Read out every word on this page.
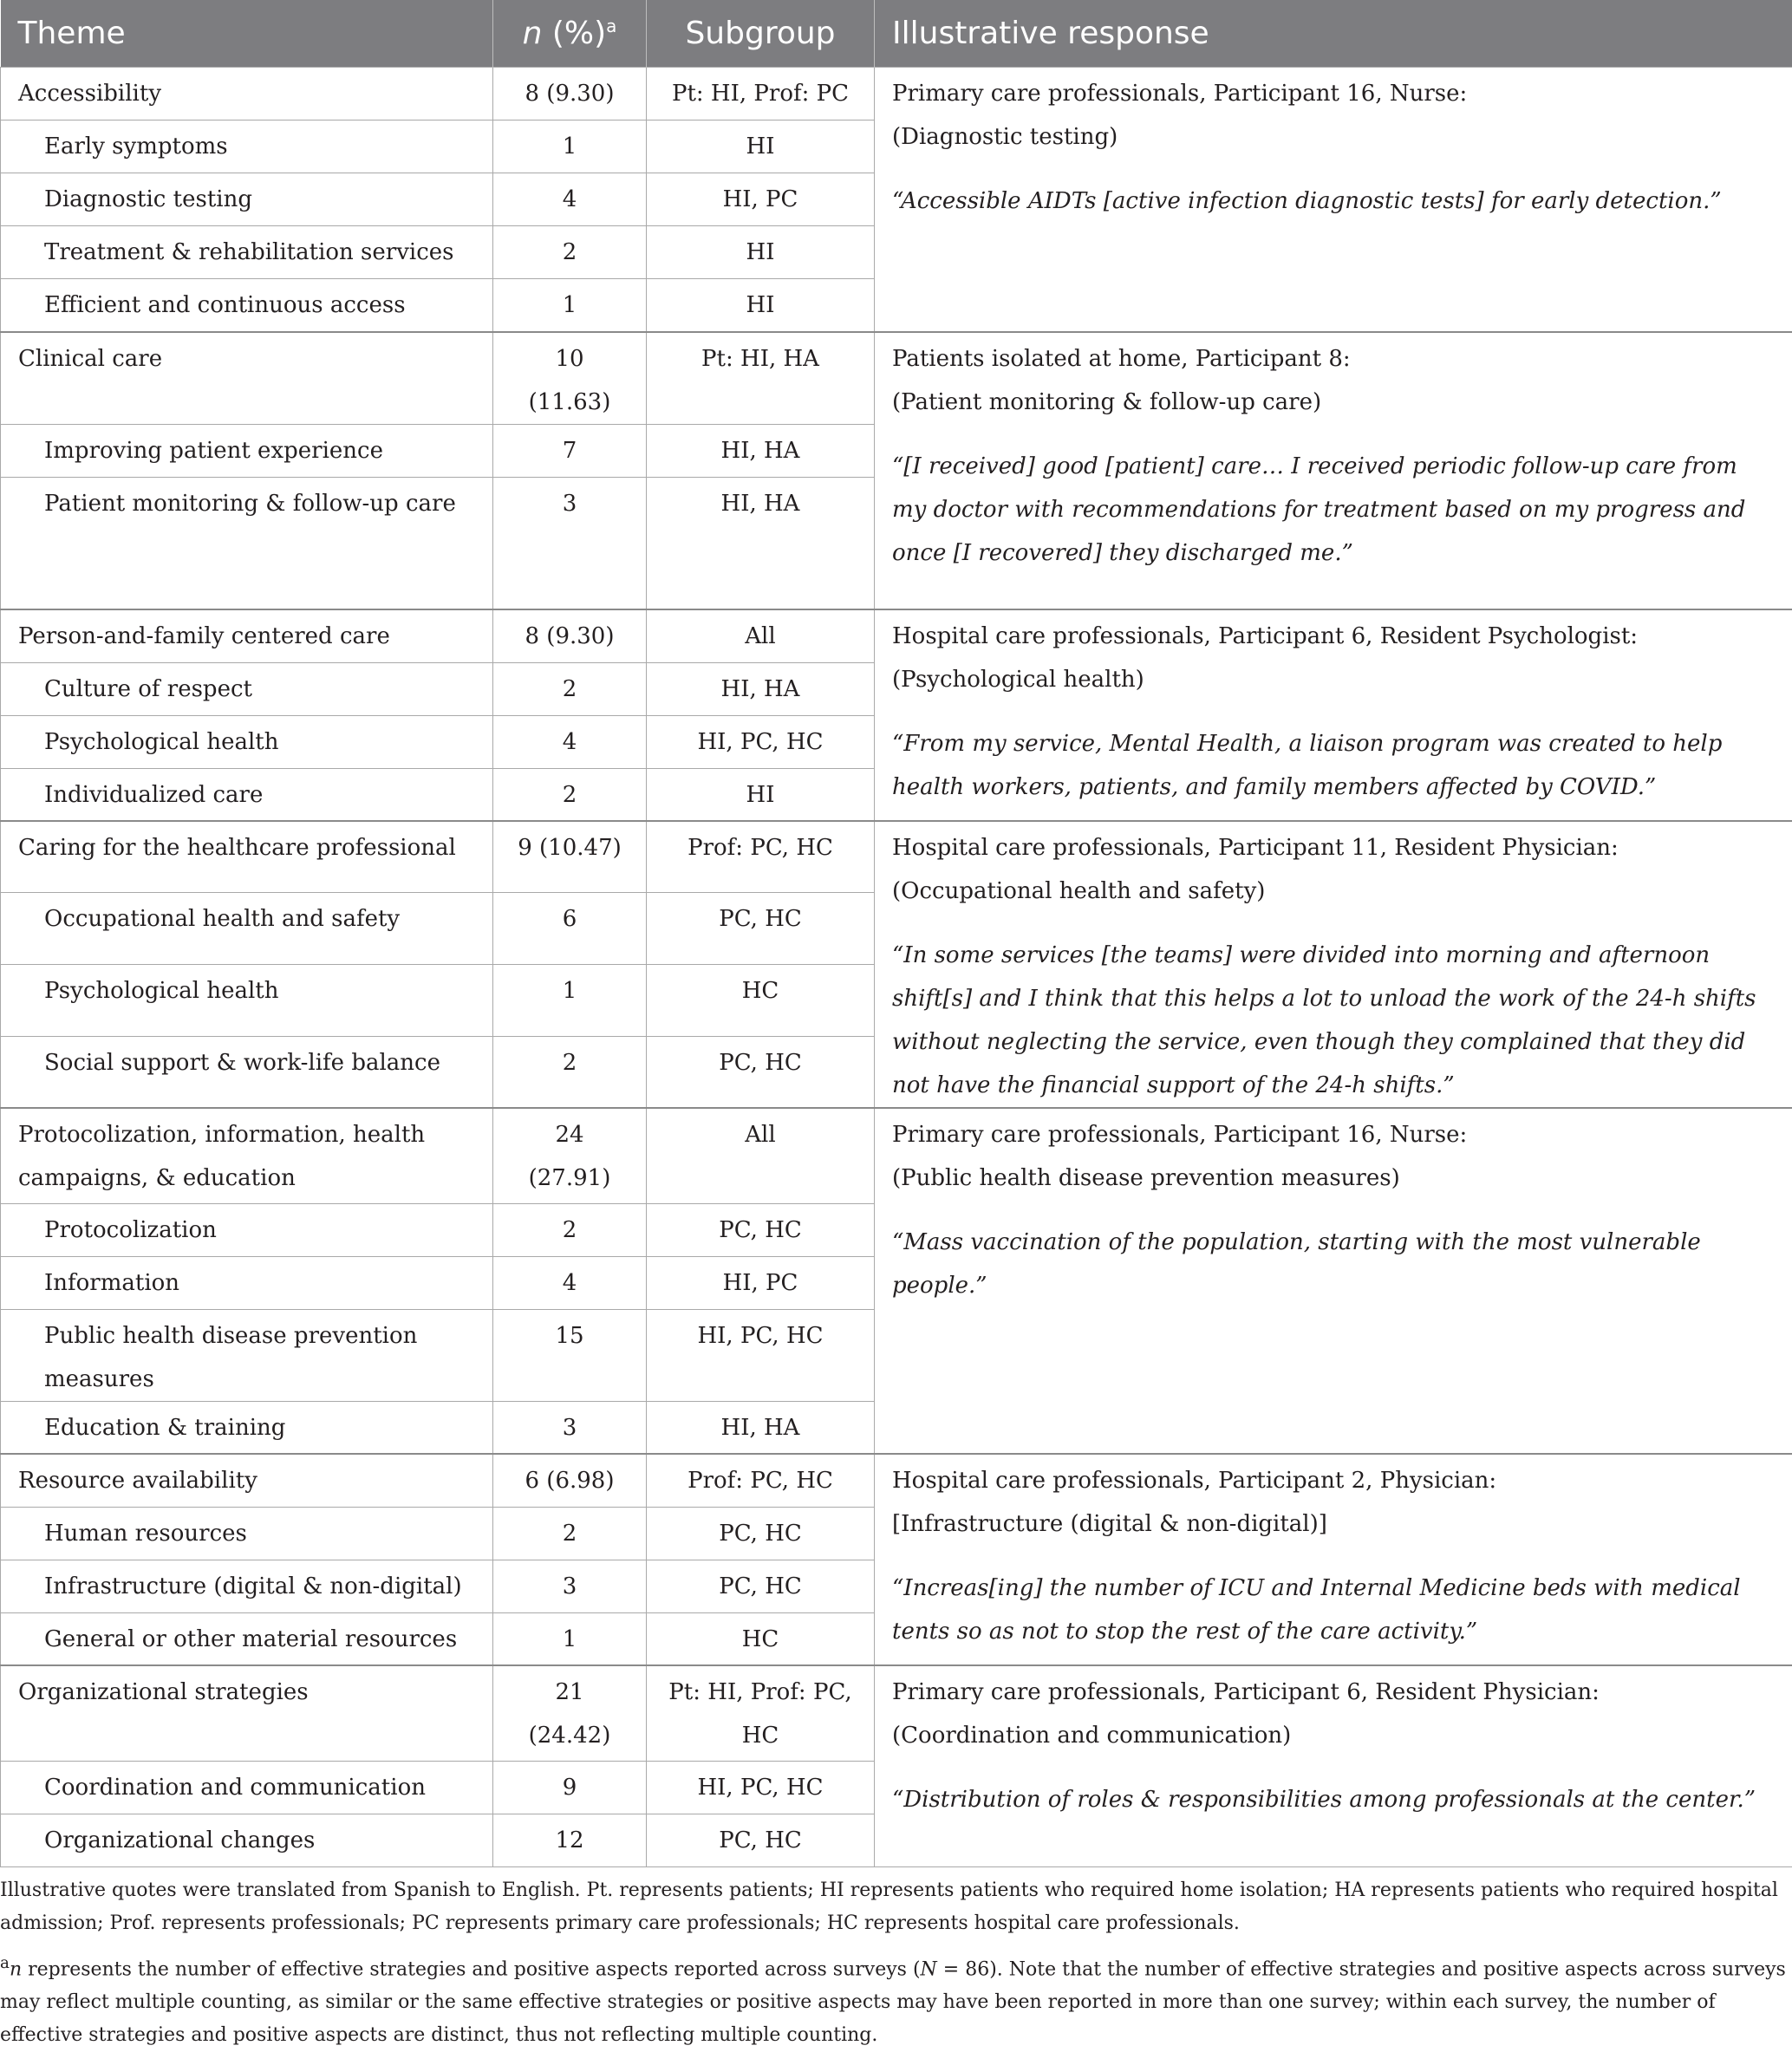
Theme	n (%)$^a$	Subgroup	Illustrative response
Accessibility	8 (9.30)	Pt: HI, Prof: PC	Primary care professionals, Participant 16, Nurse:
(Diagnostic testing)
“Accessible AIDTs [active infection diagnostic tests] for early detection.”

Early symptoms	1	HI	
Diagnostic testing	4	HI, PC	
Treatment & rehabilitation services	2	HI	
Efficient and continuous access	1	HI	
Clinical care	10 (11.63)	Pt: HI, HA	Patients isolated at home, Participant 8:
(Patient monitoring & follow-up care)
“[I received] good [patient] care… I received periodic follow-up care from my doctor with recommendations for treatment based on my progress and once [I recovered] they discharged me.”

Improving patient experience	7	HI, HA	
Patient monitoring & follow-up care	3	HI, HA	
Person-and-family centered care	8 (9.30)	All	Hospital care professionals, Participant 6, Resident Psychologist:
(Psychological health)
“From my service, Mental Health, a liaison program was created to help health workers, patients, and family members affected by COVID.”

Culture of respect	2	HI, HA	
Psychological health	4	HI, PC, HC	
Individualized care	2	HI	
Caring for the healthcare professional	9 (10.47)	Prof: PC, HC	Hospital care professionals, Participant 11, Resident Physician:
(Occupational health and safety)
“In some services [the teams] were divided into morning and afternoon shift[s] and I think that this helps a lot to unload the work of the 24-h shifts without neglecting the service, even though they complained that they did not have the financial support of the 24-h shifts.”

Occupational health and safety	6	PC, HC	
Psychological health	1	HC	
Social support & work-life balance	2	PC, HC	
Protocolization, information, health campaigns, & education	24 (27.91)	All	Primary care professionals, Participant 16, Nurse:
(Public health disease prevention measures)
“Mass vaccination of the population, starting with the most vulnerable people.”

Protocolization	2	PC, HC	
Information	4	HI, PC	
Public health disease prevention measures	15	HI, PC, HC	
Education & training	3	HI, HA	
Resource availability	6 (6.98)	Prof: PC, HC	Hospital care professionals, Participant 2, Physician:
[Infrastructure (digital & non-digital)]
“Increas[ing] the number of ICU and Internal Medicine beds with medical tents so as not to stop the rest of the care activity.”

Human resources	2	PC, HC	
Infrastructure (digital & non-digital)	3	PC, HC	
General or other material resources	1	HC	
Organizational strategies	21 (24.42)	Pt: HI, Prof: PC, HC	Primary care professionals, Participant 6, Resident Physician:
(Coordination and communication)
“Distribution of roles & responsibilities among professionals at the center.”

Coordination and communication	9	HI, PC, HC	
Organizational changes	12	PC, HC	

Illustrative quotes were translated from Spanish to English. Pt. represents patients; HI represents patients who required home isolation; HA represents patients who required hospital admission; Prof. represents professionals; PC represents primary care professionals; HC represents hospital care professionals.

$^a$n represents the number of effective strategies and positive aspects reported across surveys (N = 86). Note that the number of effective strategies and positive aspects across surveys may reflect multiple counting, as similar or the same effective strategies or positive aspects may have been reported in more than one survey; within each survey, the number of effective strategies and positive aspects are distinct, thus not reflecting multiple counting.
